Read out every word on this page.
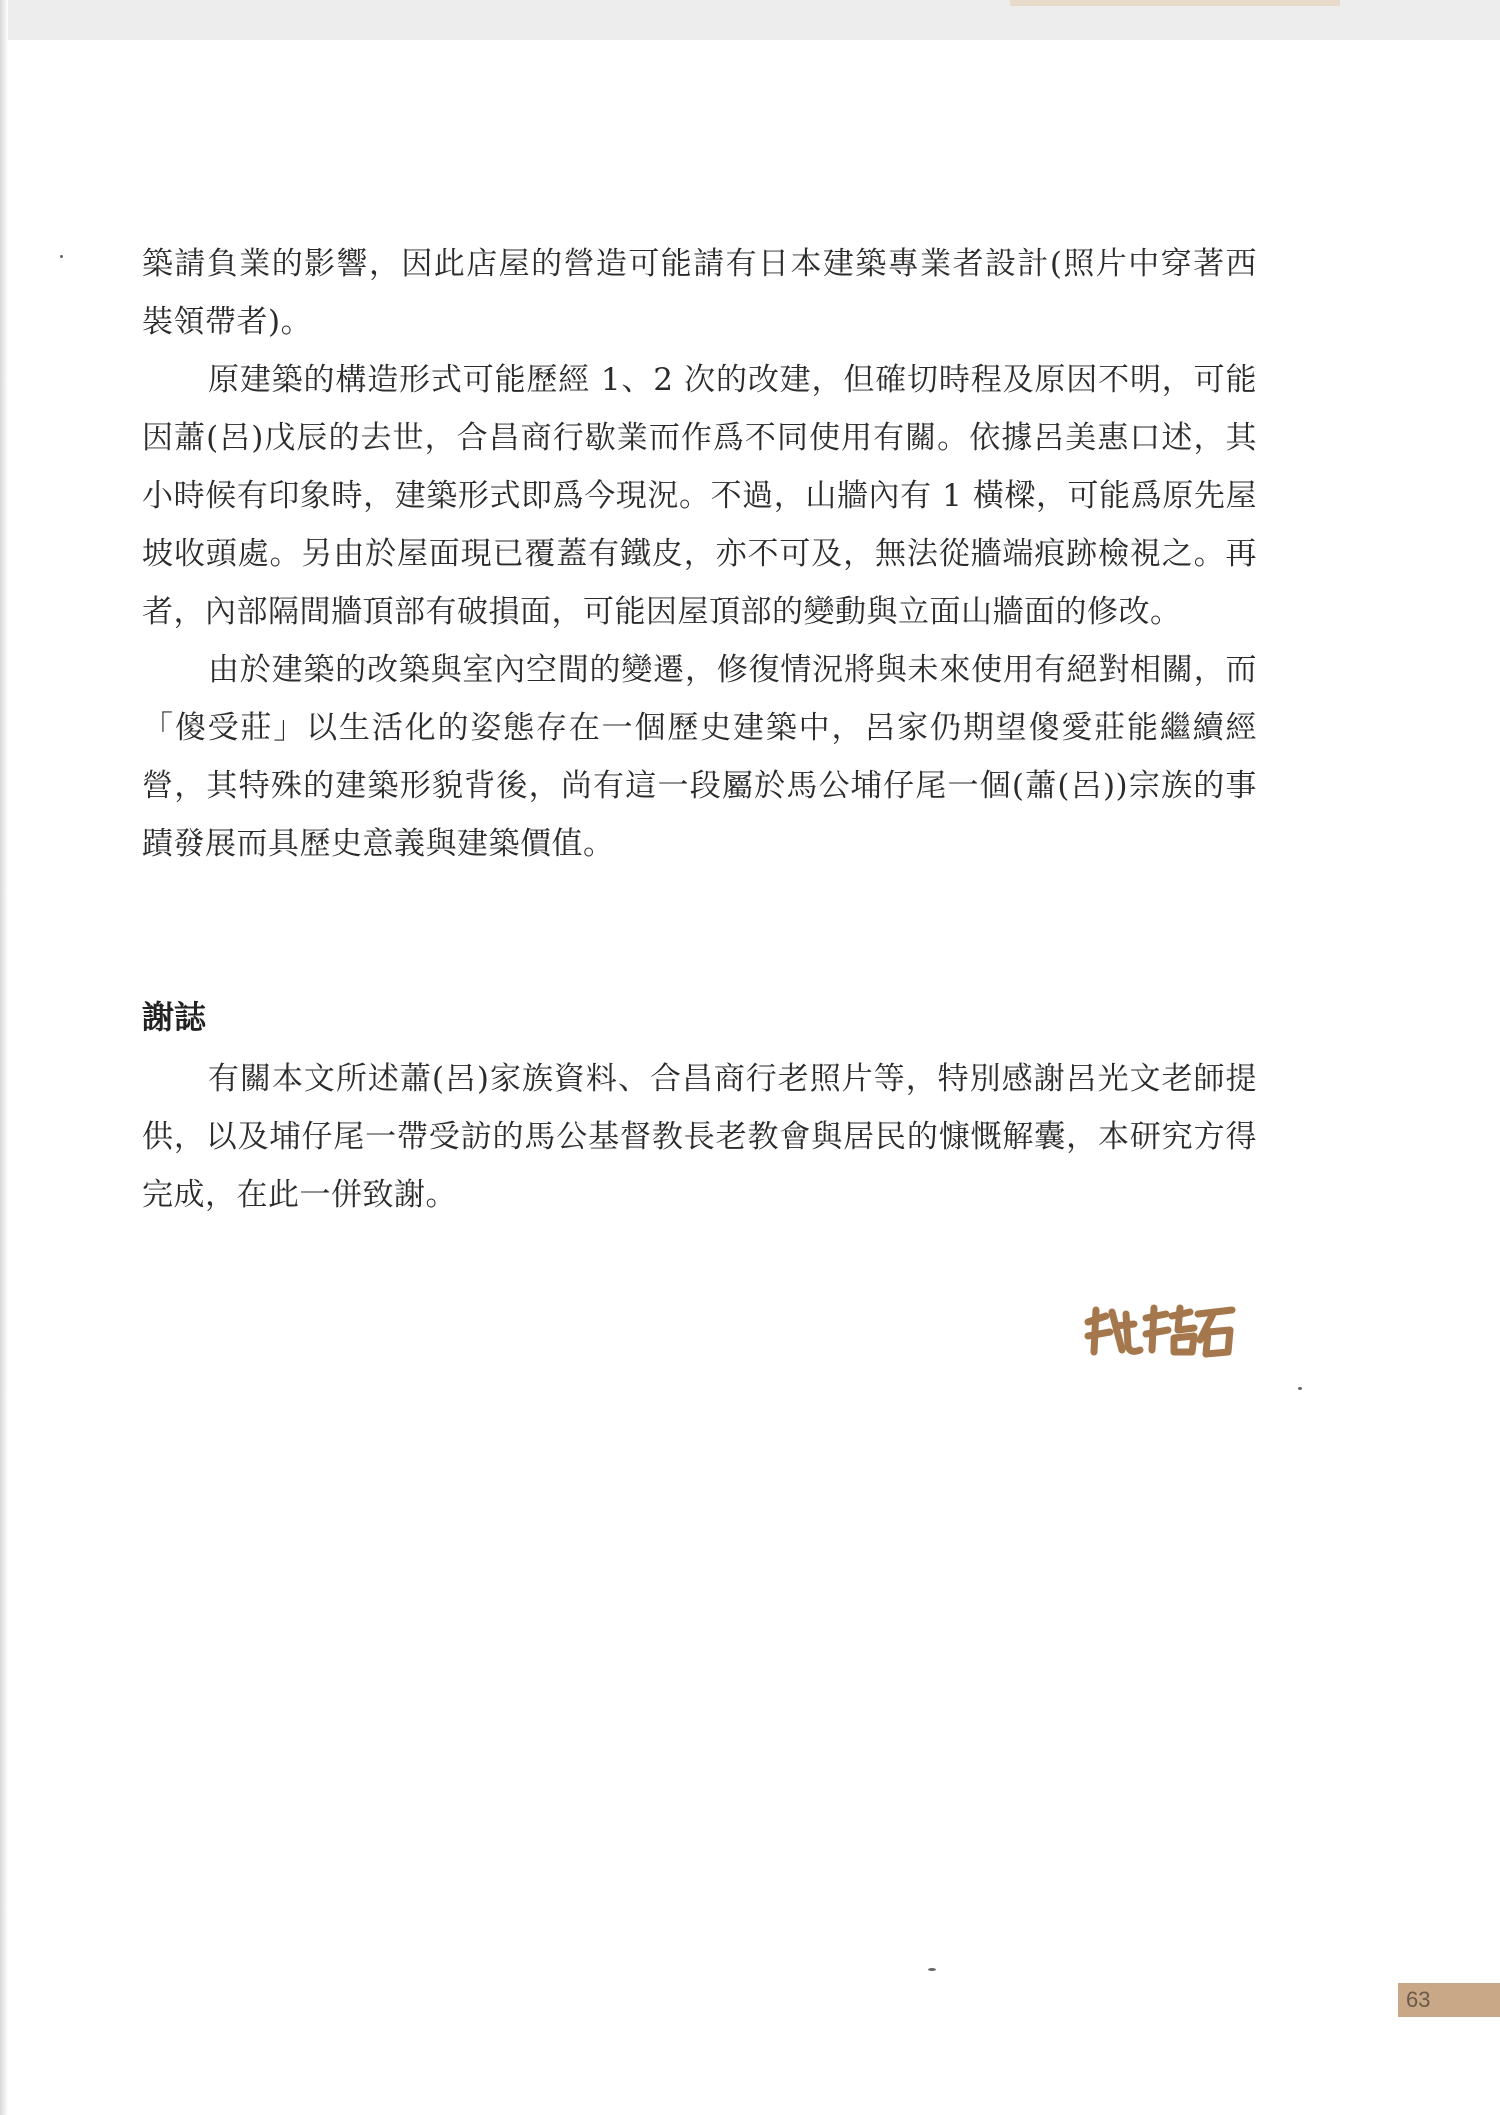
築請負業的影響，因此店屋的營造可能請有日本建築專業者設計(照片中穿著西裝領帶者)。

原建築的構造形式可能歷經 1、2 次的改建，但確切時程及原因不明，可能因蕭(呂)戊辰的去世，合昌商行歇業而作爲不同使用有關。依據呂美惠口述，其小時候有印象時，建築形式即爲今現況。不過，山牆內有 1 橫樑，可能爲原先屋坡收頭處。另由於屋面現已覆蓋有鐵皮，亦不可及，無法從牆端痕跡檢視之。再者，內部隔間牆頂部有破損面，可能因屋頂部的變動與立面山牆面的修改。

由於建築的改築與室內空間的變遷，修復情況將與未來使用有絕對相關，而「傻受莊」以生活化的姿態存在一個歷史建築中，呂家仍期望傻愛莊能繼續經營，其特殊的建築形貌背後，尚有這一段屬於馬公埔仔尾一個(蕭(呂))宗族的事蹟發展而具歷史意義與建築價值。

謝誌

有關本文所述蕭(呂)家族資料、合昌商行老照片等，特別感謝呂光文老師提供，以及埔仔尾一帶受訪的馬公基督教長老教會與居民的慷慨解囊，本研究方得完成，在此一併致謝。

63
